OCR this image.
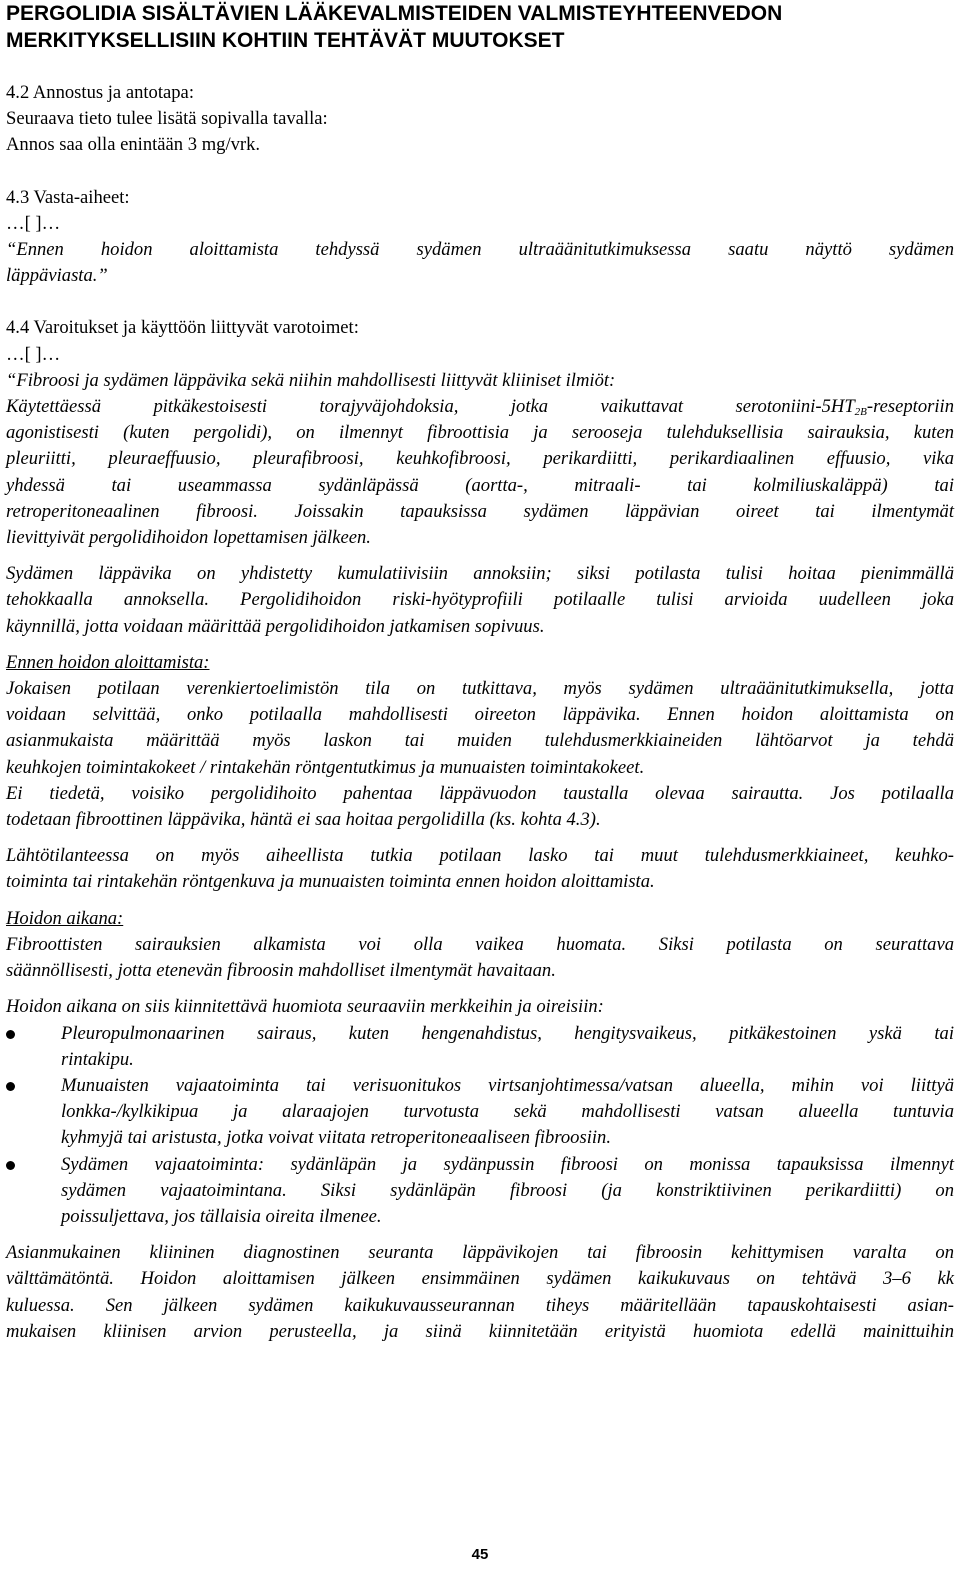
PERGOLIDIA SISÄLTÄVIEN LÄÄKEVALMISTEIDEN VALMISTEYHTEENVEDON
MERKITYKSELLISIIN KOHTIIN TEHTÄVÄT MUUTOKSET
4.2 Annostus ja antotapa:
Seuraava tieto tulee lisätä sopivalla tavalla:
Annos saa olla enintään 3 mg/vrk.
4.3 Vasta-aiheet:
…[ ]…
“Ennen hoidon aloittamista tehdyssä sydämen ultraäänitutkimuksessa saatu näyttö sydämen
läppäviasta.”
4.4 Varoitukset ja käyttöön liittyvät varotoimet:
…[ ]…
“Fibroosi ja sydämen läppävika sekä niihin mahdollisesti liittyvät kliiniset ilmiöt:
Käytettäessä pitkäkestoisesti torajyväjohdoksia, jotka vaikuttavat serotoniini-$5HT_{2B}$-reseptoriin
agonistisesti (kuten pergolidi), on ilmennyt fibroottisia ja serooseja tulehduksellisia sairauksia, kuten
pleuriitti, pleuraeffuusio, pleurafibroosi, keuhkofibroosi, perikardiitti, perikardiaalinen effuusio, vika
yhdessä tai useammassa sydänläpässä (aortta-, mitraali- tai kolmiliuskaläppä) tai
retroperitoneaalinen fibroosi. Joissakin tapauksissa sydämen läppävian oireet tai ilmentymät
lievittyivät pergolidihoidon lopettamisen jälkeen.
Sydämen läppävika on yhdistetty kumulatiivisiin annoksiin; siksi potilasta tulisi hoitaa pienimmällä
tehokkaalla annoksella. Pergolidihoidon riski-hyötyprofiili potilaalle tulisi arvioida uudelleen joka
käynnillä, jotta voidaan määrittää pergolidihoidon jatkamisen sopivuus.
Ennen hoidon aloittamista:
Jokaisen potilaan verenkiertoelimistön tila on tutkittava, myös sydämen ultraäänitutkimuksella, jotta
voidaan selvittää, onko potilaalla mahdollisesti oireeton läppävika. Ennen hoidon aloittamista on
asianmukaista määrittää myös laskon tai muiden tulehdusmerkkiaineiden lähtöarvot ja tehdä
keuhkojen toimintakokeet / rintakehän röntgentutkimus ja munuaisten toimintakokeet.
Ei tiedetä, voisiko pergolidihoito pahentaa läppävuodon taustalla olevaa sairautta. Jos potilaalla
todetaan fibroottinen läppävika, häntä ei saa hoitaa pergolidilla (ks. kohta 4.3).
Lähtötilanteessa on myös aiheellista tutkia potilaan lasko tai muut tulehdusmerkkiaineet, keuhko-
toiminta tai rintakehän röntgenkuva ja munuaisten toiminta ennen hoidon aloittamista.
Hoidon aikana:
Fibroottisten sairauksien alkamista voi olla vaikea huomata. Siksi potilasta on seurattava
säännöllisesti, jotta etenevän fibroosin mahdolliset ilmentymät havaitaan.
Hoidon aikana on siis kiinnitettävä huomiota seuraaviin merkkeihin ja oireisiin:
Pleuropulmonaarinen sairaus, kuten hengenahdistus, hengitysvaikeus, pitkäkestoinen yskä tai
rintakipu.
Munuaisten vajaatoiminta tai verisuonitukos virtsanjohtimessa/vatsan alueella, mihin voi liittyä
lonkka-/kylkikipua ja alaraajojen turvotusta sekä mahdollisesti vatsan alueella tuntuvia
kyhmyjä tai aristusta, jotka voivat viitata retroperitoneaaliseen fibroosiin.
Sydämen vajaatoiminta: sydänläpän ja sydänpussin fibroosi on monissa tapauksissa ilmennyt
sydämen vajaatoimintana. Siksi sydänläpän fibroosi (ja konstriktiivinen perikardiitti) on
poissuljettava, jos tällaisia oireita ilmenee.
Asianmukainen kliininen diagnostinen seuranta läppävikojen tai fibroosin kehittymisen varalta on
välttämätöntä. Hoidon aloittamisen jälkeen ensimmäinen sydämen kaikukuvaus on tehtävä 3–6 kk
kuluessa. Sen jälkeen sydämen kaikukuvausseurannan tiheys määritellään tapauskohtaisesti asian-
mukaisen kliinisen arvion perusteella, ja siinä kiinnitetään erityistä huomiota edellä mainittuihin
45
